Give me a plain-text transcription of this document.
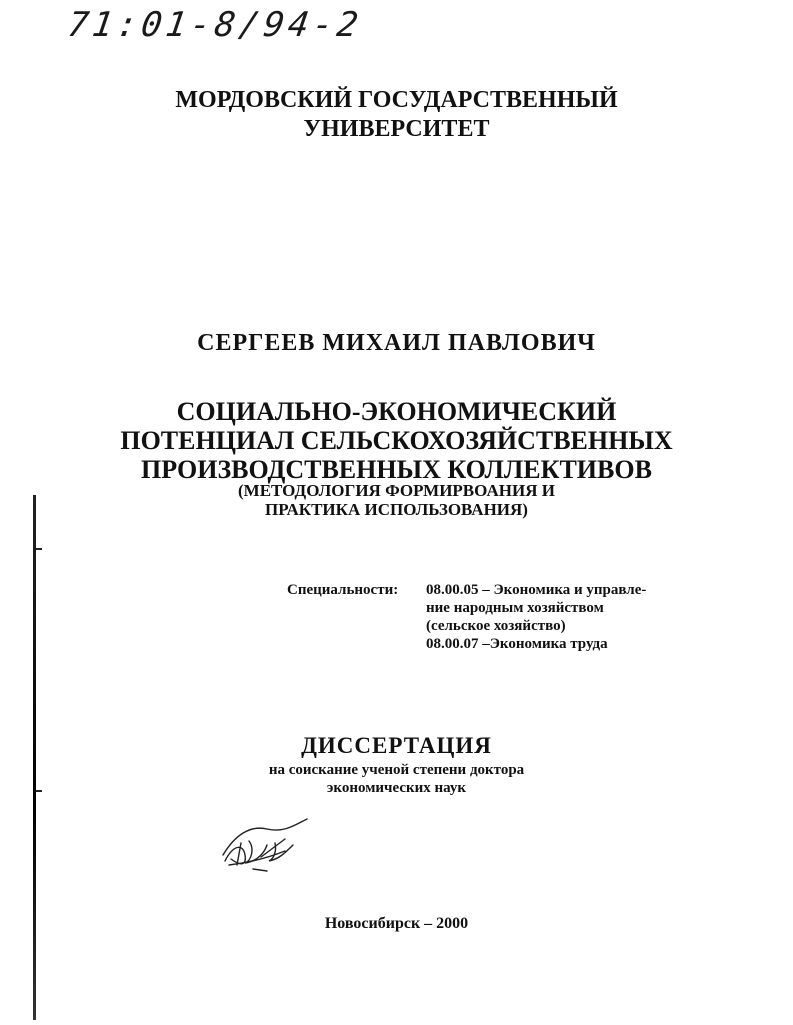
71:01-8/94-2
МОРДОВСКИЙ ГОСУДАРСТВЕННЫЙ
УНИВЕРСИТЕТ
СЕРГЕЕВ МИХАИЛ ПАВЛОВИЧ
СОЦИАЛЬНО-ЭКОНОМИЧЕСКИЙ
ПОТЕНЦИАЛ СЕЛЬСКОХОЗЯЙСТВЕННЫХ
ПРОИЗВОДСТВЕННЫХ КОЛЛЕКТИВОВ
(МЕТОДОЛОГИЯ ФОРМИРВОАНИЯ И
ПРАКТИКА ИСПОЛЬЗОВАНИЯ)
Специальности: 08.00.05 – Экономика и управле-
ние народным хозяйством
(сельское хозяйство)
08.00.07 –Экономика труда
ДИССЕРТАЦИЯ
на соискание ученой степени доктора
экономических наук
Новосибирск – 2000
